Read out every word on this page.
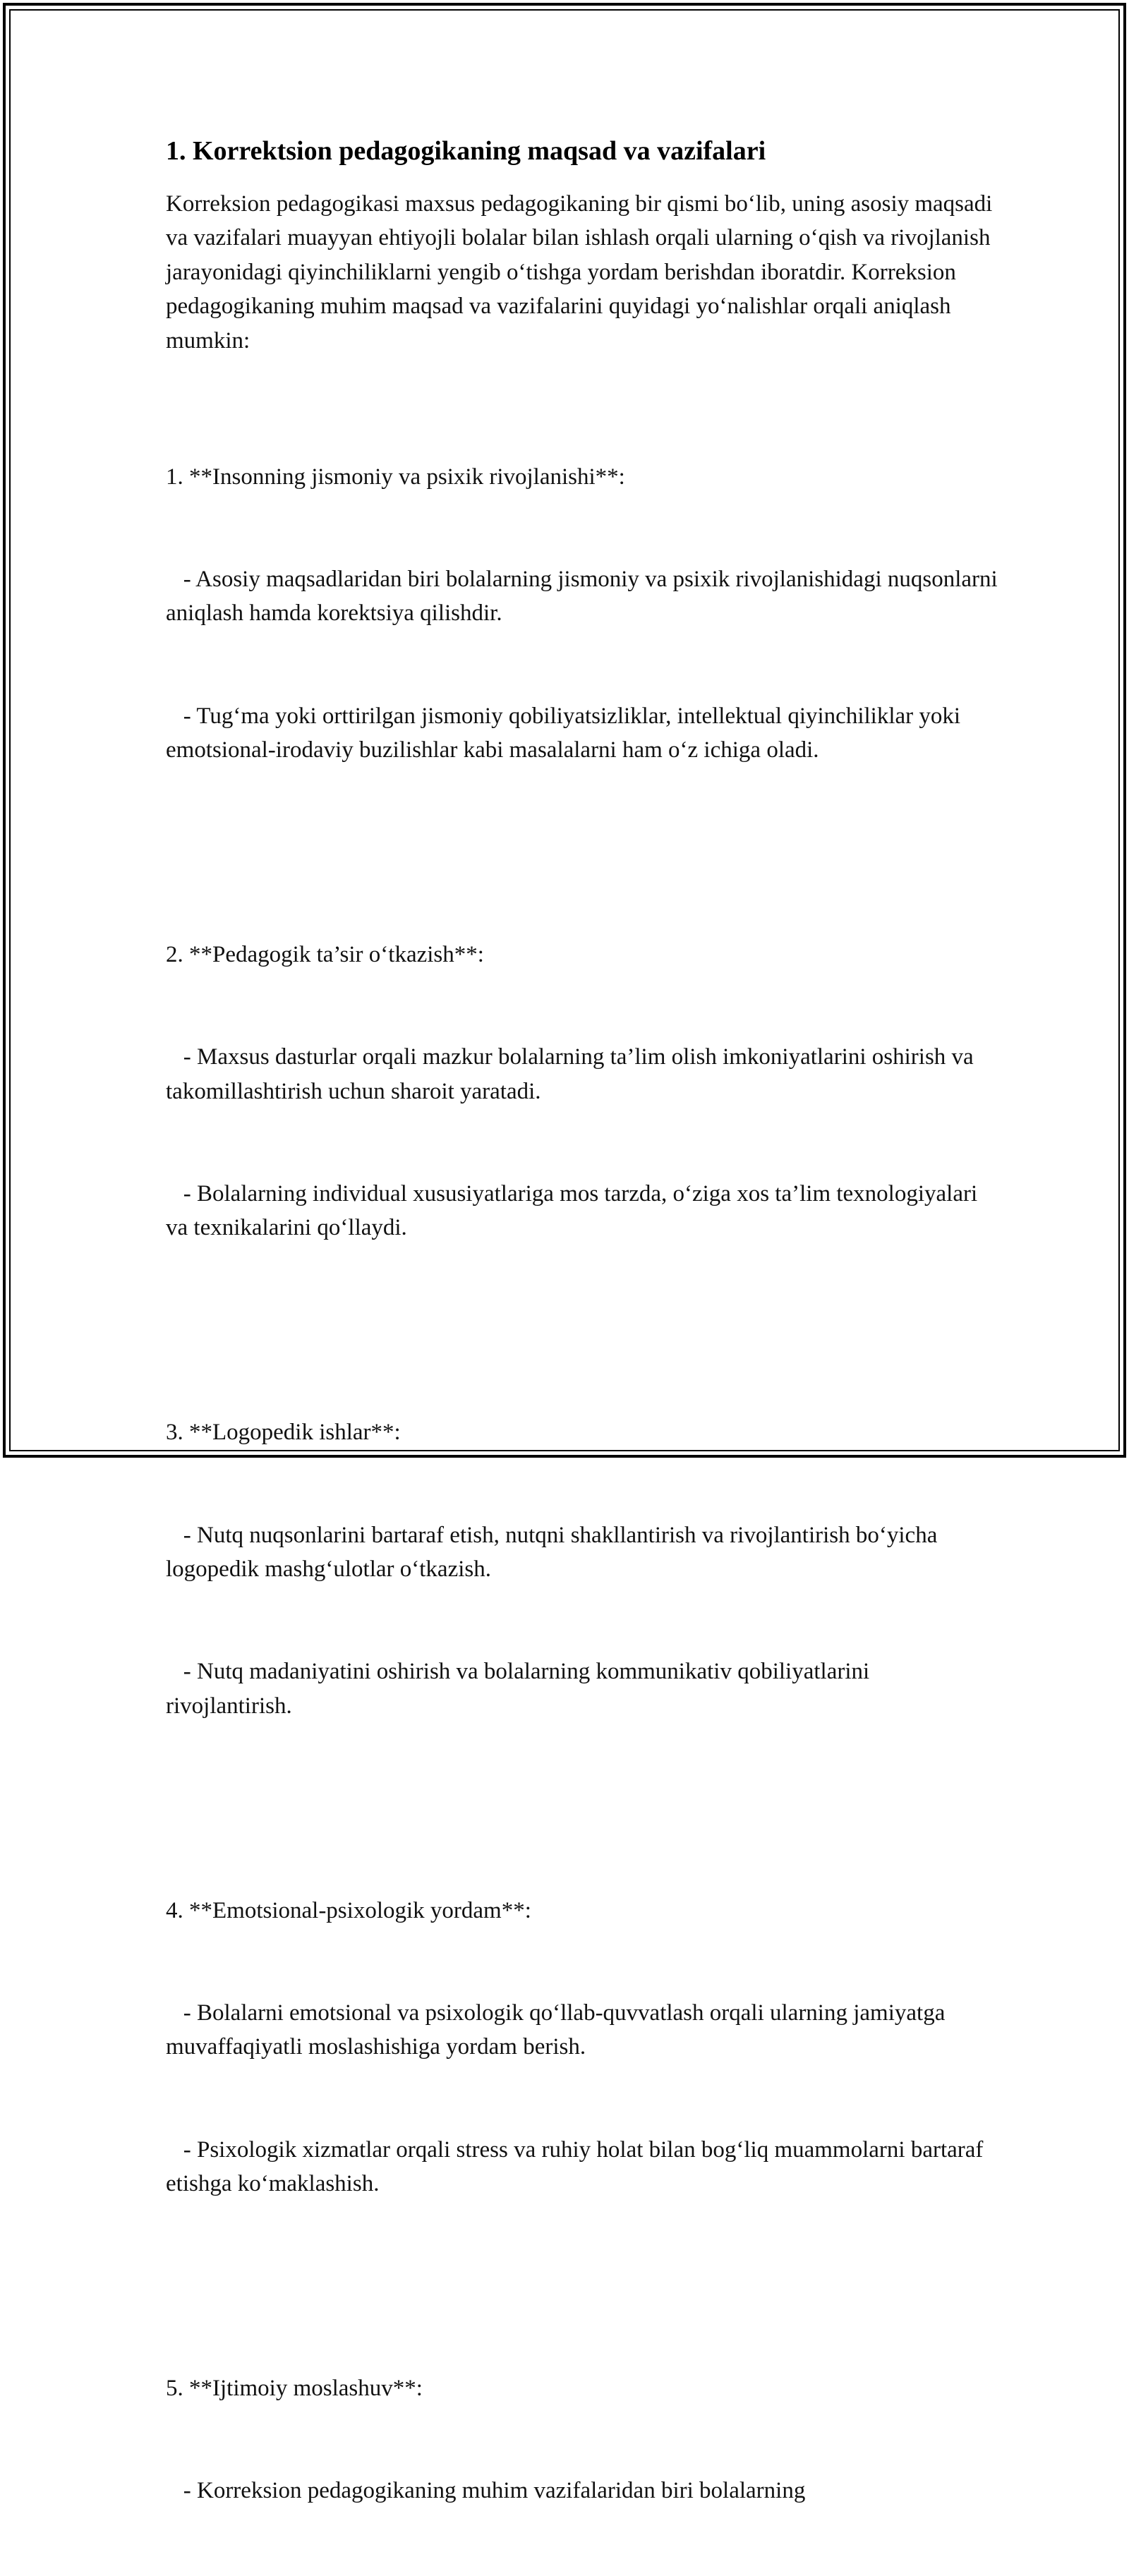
1. Korrektsion pedagogikaning maqsad va vazifalari

Korreksion pedagogikasi maxsus pedagogikaning bir qismi bo‘lib, uning asosiy maqsadi va vazifalari muayyan ehtiyojli bolalar bilan ishlash orqali ularning o‘qish va rivojlanish jarayonidagi qiyinchiliklarni yengib o‘tishga yordam berishdan iboratdir. Korreksion pedagogikaning muhim maqsad va vazifalarini quyidagi yo‘nalishlar orqali aniqlash mumkin:

1. **Insonning jismoniy va psixik rivojlanishi**:

- Asosiy maqsadlaridan biri bolalarning jismoniy va psixik rivojlanishidagi nuqsonlarni aniqlash hamda korektsiya qilishdir.

- Tug‘ma yoki orttirilgan jismoniy qobiliyatsizliklar, intellektual qiyinchiliklar yoki emotsional-irodaviy buzilishlar kabi masalalarni ham o‘z ichiga oladi.

2. **Pedagogik ta’sir o‘tkazish**:

- Maxsus dasturlar orqali mazkur bolalarning ta’lim olish imkoniyatlarini oshirish va takomillashtirish uchun sharoit yaratadi.

- Bolalarning individual xususiyatlariga mos tarzda, o‘ziga xos ta’lim texnologiyalari va texnikalarini qo‘llaydi.

3. **Logopedik ishlar**:

- Nutq nuqsonlarini bartaraf etish, nutqni shakllantirish va rivojlantirish bo‘yicha logopedik mashg‘ulotlar o‘tkazish.

- Nutq madaniyatini oshirish va bolalarning kommunikativ qobiliyatlarini rivojlantirish.

4. **Emotsional-psixologik yordam**:

- Bolalarni emotsional va psixologik qo‘llab-quvvatlash orqali ularning jamiyatga muvaffaqiyatli moslashishiga yordam berish.

- Psixologik xizmatlar orqali stress va ruhiy holat bilan bog‘liq muammolarni bartaraf etishga ko‘maklashish.

5. **Ijtimoiy moslashuv**:

- Korreksion pedagogikaning muhim vazifalaridan biri bolalarning
